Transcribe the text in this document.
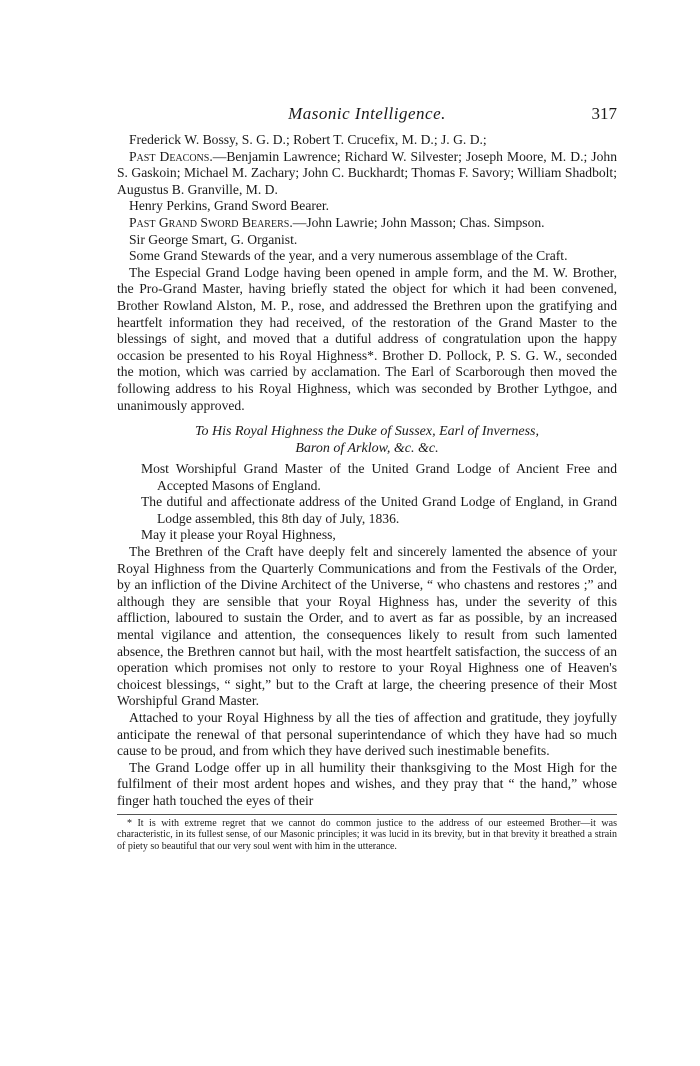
Masonic Intelligence.	317

Frederick W. Bossy, S. G. D.; Robert T. Crucefix, M. D.; J. G. D.;

Past Deacons.—Benjamin Lawrence; Richard W. Silvester; Joseph Moore, M. D.; John S. Gaskoin; Michael M. Zachary; John C. Buckhardt; Thomas F. Savory; William Shadbolt; Augustus B. Granville, M. D.

Henry Perkins, Grand Sword Bearer.

Past Grand Sword Bearers.—John Lawrie; John Masson; Chas. Simpson.

Sir George Smart, G. Organist.

Some Grand Stewards of the year, and a very numerous assemblage of the Craft.

The Especial Grand Lodge having been opened in ample form, and the M. W. Brother, the Pro-Grand Master, having briefly stated the object for which it had been convened, Brother Rowland Alston, M. P., rose, and addressed the Brethren upon the gratifying and heartfelt information they had received, of the restoration of the Grand Master to the blessings of sight, and moved that a dutiful address of congratulation upon the happy occasion be presented to his Royal Highness*. Brother D. Pollock, P. S. G. W., seconded the motion, which was carried by acclamation. The Earl of Scarborough then moved the following address to his Royal Highness, which was seconded by Brother Lythgoe, and unanimously approved.

To His Royal Highness the Duke of Sussex, Earl of Inverness,
Baron of Arklow, &c. &c.

Most Worshipful Grand Master of the United Grand Lodge of Ancient Free and Accepted Masons of England.

The dutiful and affectionate address of the United Grand Lodge of England, in Grand Lodge assembled, this 8th day of July, 1836.

May it please your Royal Highness,

The Brethren of the Craft have deeply felt and sincerely lamented the absence of your Royal Highness from the Quarterly Communications and from the Festivals of the Order, by an infliction of the Divine Architect of the Universe, “ who chastens and restores ;” and although they are sensible that your Royal Highness has, under the severity of this affliction, laboured to sustain the Order, and to avert as far as possible, by an increased mental vigilance and attention, the consequences likely to result from such lamented absence, the Brethren cannot but hail, with the most heartfelt satisfaction, the success of an operation which promises not only to restore to your Royal Highness one of Heaven's choicest blessings, “ sight,” but to the Craft at large, the cheering presence of their Most Worshipful Grand Master.

Attached to your Royal Highness by all the ties of affection and gratitude, they joyfully anticipate the renewal of that personal superintendance of which they have had so much cause to be proud, and from which they have derived such inestimable benefits.

The Grand Lodge offer up in all humility their thanksgiving to the Most High for the fulfilment of their most ardent hopes and wishes, and they pray that “ the hand,” whose finger hath touched the eyes of their

* It is with extreme regret that we cannot do common justice to the address of our esteemed Brother—it was characteristic, in its fullest sense, of our Masonic principles; it was lucid in its brevity, but in that brevity it breathed a strain of piety so beautiful that our very soul went with him in the utterance.
